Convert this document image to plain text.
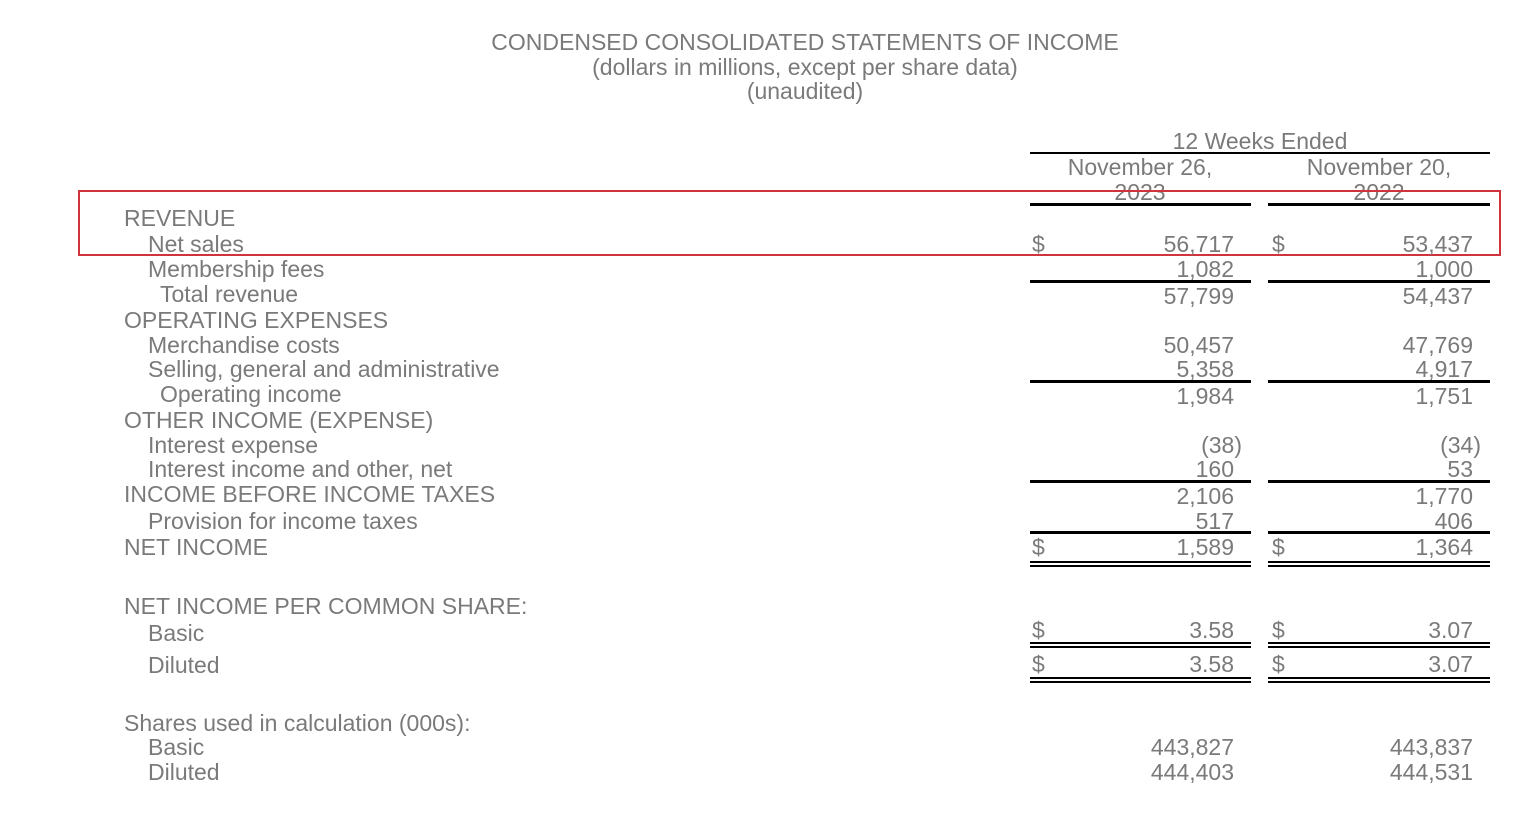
CONDENSED CONSOLIDATED STATEMENTS OF INCOME
(dollars in millions, except per share data)
(unaudited)
12 Weeks Ended
November 26,
2023
November 20,
2022
REVENUE
Net sales	$	56,717 $	53,437
Membership fees	1,082	1,000
Total revenue	57,799	54,437
OPERATING EXPENSES
Merchandise costs	50,457	47,769
Selling, general and administrative	5,358	4,917
Operating income	1,984	1,751
OTHER INCOME (EXPENSE)
Interest expense	(38)	(34)
Interest income and other, net	160	53
INCOME BEFORE INCOME TAXES	2,106	1,770
Provision for income taxes	517	406
NET INCOME	$	1,589 $	1,364
NET INCOME PER COMMON SHARE:
Basic	$	3.58 $	3.07
Diluted	$	3.58 $	3.07
Shares used in calculation (000s):
Basic	443,827	443,837
Diluted	444,403	444,531
